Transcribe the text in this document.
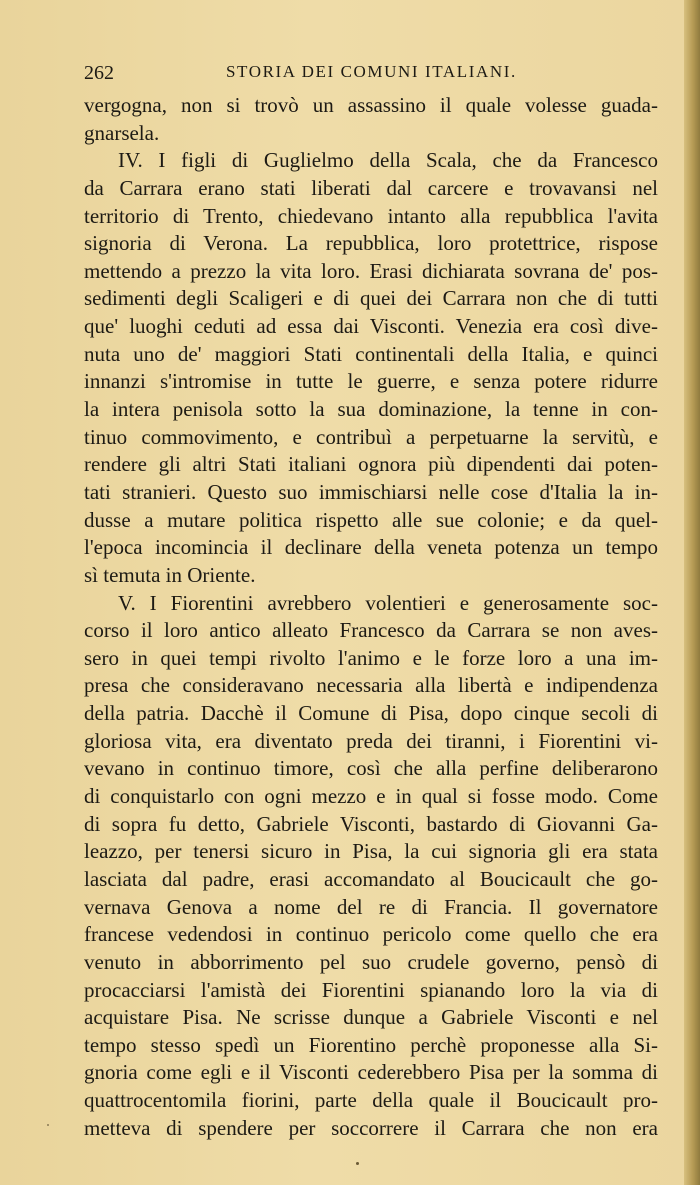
262	STORIA DEI COMUNI ITALIANI.
vergogna, non si trovò un assassino il quale volesse guada-
gnarsela.
IV. I figli di Guglielmo della Scala, che da Francesco
da Carrara erano stati liberati dal carcere e trovavansi nel
territorio di Trento, chiedevano intanto alla repubblica l'avita
signoria di Verona. La repubblica, loro protettrice, rispose
mettendo a prezzo la vita loro. Erasi dichiarata sovrana de' pos-
sedimenti degli Scaligeri e di quei dei Carrara non che di tutti
que' luoghi ceduti ad essa dai Visconti. Venezia era così dive-
nuta uno de' maggiori Stati continentali della Italia, e quinci
innanzi s'intromise in tutte le guerre, e senza potere ridurre
la intera penisola sotto la sua dominazione, la tenne in con-
tinuo commovimento, e contribuì a perpetuarne la servitù, e
rendere gli altri Stati italiani ognora più dipendenti dai poten-
tati stranieri. Questo suo immischiarsi nelle cose d'Italia la in-
dusse a mutare politica rispetto alle sue colonie; e da quel-
l'epoca incomincia il declinare della veneta potenza un tempo
sì temuta in Oriente.
V. I Fiorentini avrebbero volentieri e generosamente soc-
corso il loro antico alleato Francesco da Carrara se non aves-
sero in quei tempi rivolto l'animo e le forze loro a una im-
presa che consideravano necessaria alla libertà e indipendenza
della patria. Dacchè il Comune di Pisa, dopo cinque secoli di
gloriosa vita, era diventato preda dei tiranni, i Fiorentini vi-
vevano in continuo timore, così che alla perfine deliberarono
di conquistarlo con ogni mezzo e in qual si fosse modo. Come
di sopra fu detto, Gabriele Visconti, bastardo di Giovanni Ga-
leazzo, per tenersi sicuro in Pisa, la cui signoria gli era stata
lasciata dal padre, erasi accomandato al Boucicault che go-
vernava Genova a nome del re di Francia. Il governatore
francese vedendosi in continuo pericolo come quello che era
venuto in abborrimento pel suo crudele governo, pensò di
procacciarsi l'amistà dei Fiorentini spianando loro la via di
acquistare Pisa. Ne scrisse dunque a Gabriele Visconti e nel
tempo stesso spedì un Fiorentino perchè proponesse alla Si-
gnoria come egli e il Visconti cederebbero Pisa per la somma di
quattrocentomila fiorini, parte della quale il Boucicault pro-
metteva di spendere per soccorrere il Carrara che non era
